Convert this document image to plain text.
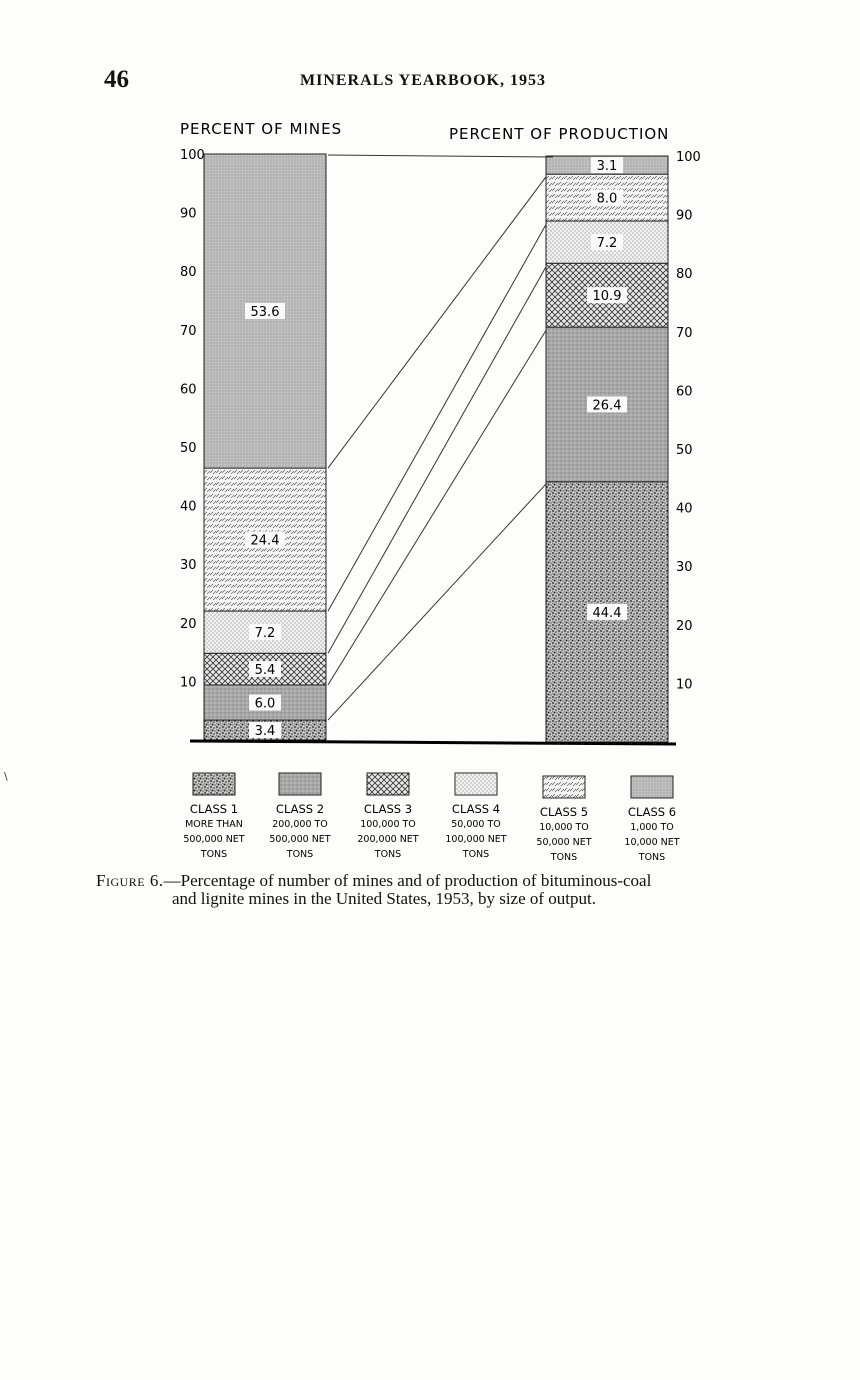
46	MINERALS YEARBOOK, 1953
\
PERCENT OF MINES	PERCENT OF PRODUCTION
3.4
6.0
5.4
7.2
24.4
53.6
44.4
26.4
10.9
7.2
8.0
3.1
10
20
30
40
50
60
70
80
90
100
10
20
30
40
50
60
70
80
90
100
CLASS 1
MORE THAN
500,000 NET
TONS
CLASS 2
200,000 TO
500,000 NET
TONS
CLASS 3
100,000 TO
200,000 NET
TONS
CLASS 4
50,000 TO
100,000 NET
TONS
CLASS 5
10,000 TO
50,000 NET
TONS
CLASS 6
1,000 TO
10,000 NET
TONS
Figure 6.—Percentage of number of mines and of production of bituminous-coal
and lignite mines in the United States, 1953, by size of output.
